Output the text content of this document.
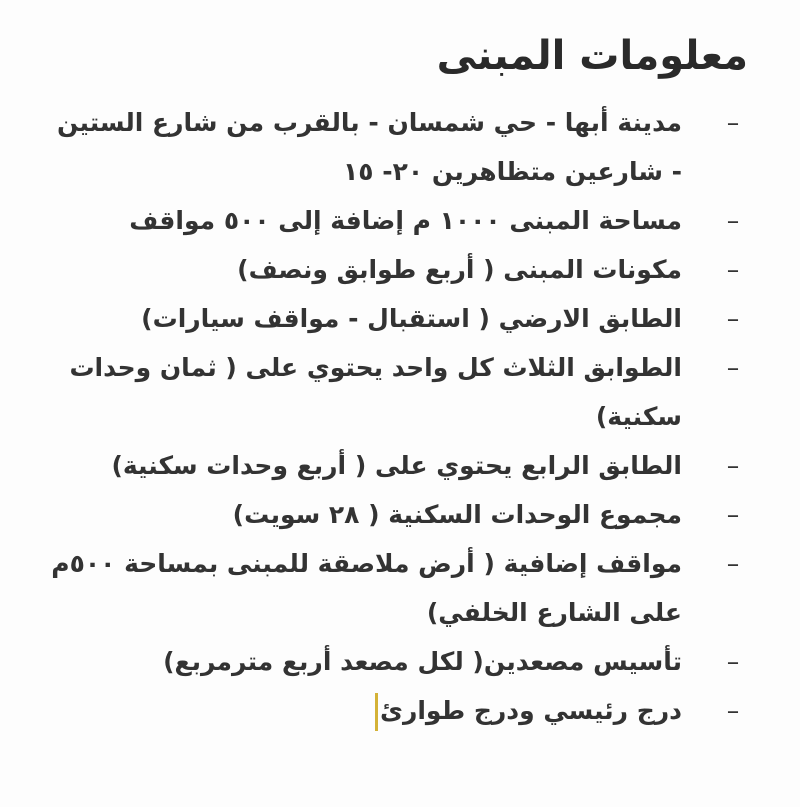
معلومات المبنى
–
مدينة أبها - حي شمسان - بالقرب من شارع الستين - شارعين متظاهرين ٢٠- ١٥
–
مساحة المبنى ١٠٠٠ م إضافة إلى ٥٠٠ مواقف
–
مكونات المبنى ( أربع طوابق ونصف)
–
الطابق الارضي ( استقبال - مواقف سيارات)
–
الطوابق الثلاث كل واحد يحتوي على ( ثمان وحدات سكنية)
–
الطابق الرابع يحتوي على ( أربع وحدات سكنية)
–
مجموع الوحدات السكنية ( ٢٨ سويت)
–
مواقف إضافية ( أرض ملاصقة للمبنى بمساحة ٥٠٠م على الشارع الخلفي)
–
تأسيس مصعدين( لكل مصعد أربع مترمربع)
–
درج رئيسي ودرج طوارئ
